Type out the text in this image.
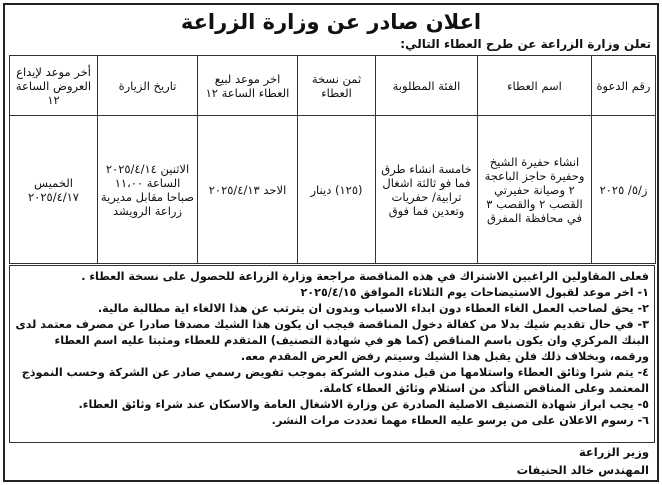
اعلان صادر عن وزارة الزراعة
تعلن وزارة الزراعة عن طرح العطاء التالي:
رقم الدعوة	اسم العطاء	الفئة المطلوبة	ثمن نسخة العطاء	اخر موعد لبيع العطاء الساعة ١٢	تاريخ الزيارة	أخر موعد لإيداع العروض الساعة ١٢
ز/٥/ ٢٠٢٥	انشاء حفيرة الشيخ وحفيرة حاجز الباعجة ٢ وصيانة حفيرتي القصب ٢ والقصب ٣ في محافظة المفرق	خامسة انشاء طرق فما فو ثالثة اشغال ترابية/ حفريات وتعدين فما فوق	(١٢٥) دينار	الاحد ٢٠٢٥/٤/١٣	الاثنين ٢٠٢٥/٤/١٤ الساعة ١١،٠٠ صباحا مقابل مديرية زراعة الرويشد	الخميس ٢٠٢٥/٤/١٧
فعلى المقاولين الراغبين الاشتراك في هذه المناقصة مراجعة وزارة الزراعة للحصول على نسخة العطاء .
١- اخر موعد لقبول الاستيضاحات يوم الثلاثاء الموافق ٢٠٢٥/٤/١٥
٢- يحق لصاحب العمل الغاء العطاء دون ابداء الاسباب وبدون ان يترتب عن هذا الالغاء اية مطالبة مالية.
٣- في حال تقديم شيك بدلا من كفالة دخول المناقصة فيجب ان يكون هذا الشيك مصدقا صادرا عن مصرف معتمد لدى البنك المركزي وان يكون باسم المناقص (كما هو في شهادة التصنيف) المتقدم للعطاء ومثبتا عليه اسم العطاء ورقمه، وبخلاف ذلك فلن يقبل هذا الشيك وسيتم رفض العرض المقدم معه.
٤- يتم شرا وثائق العطاء واستلامها من قبل مندوب الشركة بموجب تفويض رسمي صادر عن الشركة وحسب النموذج المعتمد وعلى المناقص التأكد من استلام وثائق العطاء كاملة.
٥- يجب ابراز شهادة التصنيف الاصلية الصادرة عن وزارة الاشغال العامة والاسكان عند شراء وثائق العطاء.
٦- رسوم الاعلان على من يرسو عليه العطاء مهما تعددت مرات النشر.
وزير الزراعة
المهندس خالد الحنيفات
